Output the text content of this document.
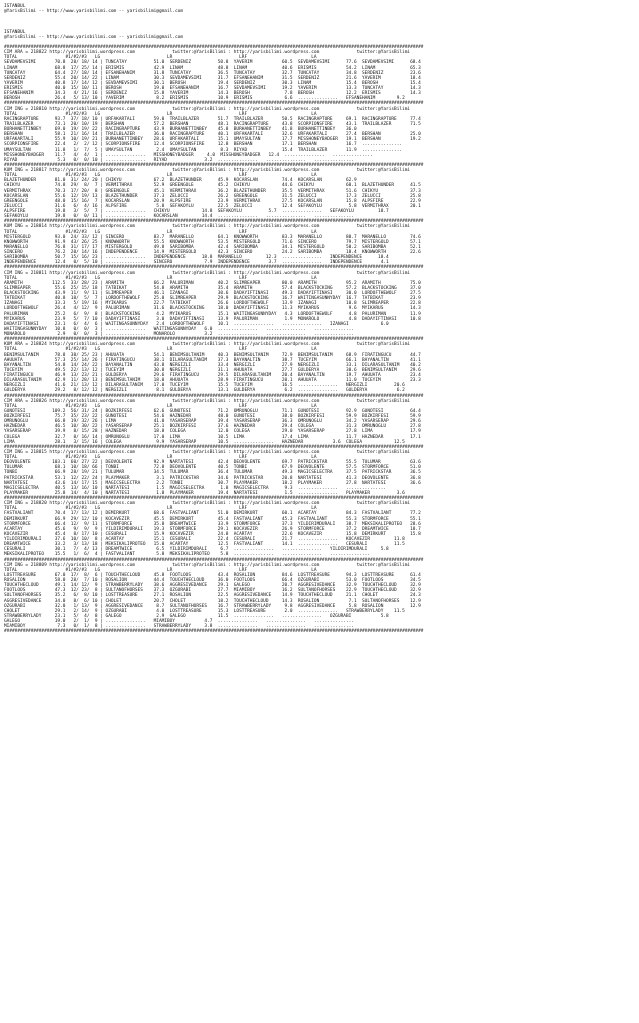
ISTANBUL
@YarisBilimi -- http://www.yarisbilimi.com -- yarisbilimi@gmail.com

ISTANBUL
@YarisBilimi -- http://www.yarisbilimi.com -- yarisbilimi@gmail.com

#############################################################################################################################################################
CIM ARA = 218822 http://yarisbilimi.wordpress.com              twitter:@YarisBilimi : http://yarisbilimi.wordpress.com              twitter:@YarisBilimi
TOTAL                  #1/#2/#3   LG                         LR                         LRF                        LA
SEVDAMEVSIMI       70.8  28/ 18/ 14 | TUNCATAY          51.0  SERDENIZ          50.8  YAVERIM           60.5  SEVDAMEVSIMI      77.6  SEVDAMEVSIMI      68.4
LINAM              68.8  17/ 25/ 14 | ERISMIS           42.9  LINAM             48.8  LINAM             40.6  ERISMIS           54.2  LINAM             65.3
TUNCATAY           64.4  27/ 18/ 14 | EFSANEHANIM       31.8  TUNCATAY          36.5  TUNCATAY          32.7  TUNCATAY          34.8  SERDENIZ          23.6
SERDENIZ           55.4  20/ 14/ 22 | LINAM             30.3  SEVDAMEVSIMI      31.7  EFSANEHANIM       31.5  SERDENIZ          21.6  YAVERIM           18.4
YAVERIM            40.8  17/ 14/ 12 | SEVDAMEVSIMI      30.1  BEROSH            19.4  SERDENIZ          30.3  LINAM             15.4  BEROSH            15.4
ERISMIS            40.0  15/ 10/ 11 | BEROSH            19.0  EFSANEHANIM       16.7  SEVDAMEVSIMI      19.2  YAVERIM           13.3  TUNCATAY          14.3
EFSANEHANIM        34.3   4/ 21/ 16 | SERDENIZ          15.8  YAVERIM           14.3  BEROSH             7.8  BEROSH            12.2  ERISMIS           14.3
BEROSH             26.4   5/ 13/ 10 | YAVERIM            8.2  ERISMIS           10.9  ERISMIS            6.6  ...............   EFSANEHANIM        9.2
#############################################################################################################################################################
CIM ING = 218810 http://yarisbilimi.wordpress.com              twitter:@YarisBilimi : http://yarisbilimi.wordpress.com              twitter:@YarisBilimi
TOTAL                  #1/#2/#3   LG                         LR                         LRF                        LA
RACINGRAPTURE      93.7  37/ 18/ 10 | URFAKARTALI       59.0  TRAILBLAZER       51.7  TRAILBLAZER       50.5  RACINGRAPTURE     69.1  RACINGRAPTURE     77.4
TRAILBLAZER        73.1  20/ 10/ 19 | BERSHAN           57.2  BERSHAN           48.1  RACINGRAPTURE     43.8  SCORPIONSFIRE     43.1  TRAILBLAZER       71.5
BURHANETTINBEY     69.0  19/ 19/ 22 | RACINGRAPTURE     43.9  BURHANETTINBEY    45.8  BURHANETTINBEY    41.8  BURHANETTINBEY    36.0
BERSHAN            58.1  21/ 16/ 14 | TRAILBLAZER       36.0  RACINGRAPTURE     40.1  URFAKARTALI       32.6  URFAKARTALI       27.4  BERSHAN           25.0
URFAKARTALI        55.9  10/ 19/ 21 | BURHANETTINBEY    28.6  URFAKARTALI       15.1  UMAYSULTAN        17.7  MISSHONEYBADGER   19.1  BERSHAN           19.2
SCORPIONSFIRE      22.4   2/  2/ 12 | SCORPIONSFIRE     12.4  SCORPIONSFIRE     12.8  BERSHAN           17.1  BERSHAN           16.7  ...............
UMAYSULTAN         11.8   1/  7/  5 | UMAYSULTAN         2.4  UMAYSULTAN         8.3  RIYAD             15.4  TRAILBLAZER       11.9  ...............
MISSHONEYBADGER    11.7   4/  4/  1 | ...............   MISSHONEYBADGER     4.0  MISSHONEYBADGER   12.4  ...............   ...............
RIYAD               5.3   0/  0/ 10 | ...............   RIYAD              3.2  ...............   ...............   ...............
#############################################################################################################################################################
KUM ING = 218817 http://yarisbilimi.wordpress.com              twitter:@YarisBilimi : http://yarisbilimi.wordpress.com              twitter:@YarisBilimi
TOTAL                  #1/#2/#3   LG                         LR                         LRF                        LA
BLAZETHUNDER       81.0  31/ 24/ 20 | CHIKYU            67.2  BLAZETHUNDER      45.9  KOCARSLAN         74.4  KOCARSLAN         62.9
CHIKYU             74.8  29/  8/  7 | VERMITHRAX        52.9  GREENGOLE         45.2  CHIKYU            44.6  CHIKYU            60.1  BLAZETHUNDER      41.5
VERMITHRAX         70.3  17/ 20/  8 | GREENGOLE         45.1  VERMITHRAX        36.2  BLAZETHUNDER      35.5  VERMITHRAX        51.6  CHIKYU            37.3
KOCARSLAN          55.6  12/ 19/ 13 | BLAZETHUNDER      37.3  ZELUCCI           26.2  GREENGOLE         31.5  ZELUCCI           17.3  ZELUCCI           25.8
GREENGOLE          48.0  15/ 16/  7 | KOCARSLAN         20.9  ALPSFIRE          23.9  VERMITHRAX        27.5  KOCARSLAN         15.8  ALPSFIRE          22.9
ZELUCCI            31.6   6/  4/ 16 | ALPSFIRE           5.8  SEFAKOYLU         22.5  ZELUCCI           12.4  SEFAKOYLU          5.8  VERMITHRAX        20.1
ALPSFIRE           19.8   3/  5/  7 | ...............   CHIKYU            14.8  SEFAKOYLU          5.7  ...............   SEFAKOYLU         18.7
SEFAKOYLU          19.8   0/  0/ 11 | ...............   KOCARSLAN         14.4  ...............   ...............   ...............
#############################################################################################################################################################
KUM ING = 218814 http://yarisbilimi.wordpress.com              twitter:@YarisBilimi : http://yarisbilimi.wordpress.com              twitter:@YarisBilimi
TOTAL                  #1/#2/#3   LG                         LR                         LRF                        LA
MISTERGOLD         93.0  24/ 33/ 12 | SINCERO           83.7  MARANELLO         64.1  KNOWWORTH         83.3  MARANELLO         80.7  MARANELLO         74.6
KNOWWORTH          91.9  43/ 26/ 25 | KNOWWORTH         55.5  KNOWWORTH         53.5  MISTERGOLD        71.6  SINCERO           79.7  MISTERGOLD        57.1
MARANELLO          76.8  31/ 17/ 17 | MISTERGOLD        49.8  SARIBOMBA         42.4  SARIBOMBA         34.1  MISTERGOLD        50.2  SARIBOMBA         52.1
SINCERO            76.2  20/ 14/ 16 | INDEPENDENCE      14.9  MISTERGOLD        42.3  SINCERO           24.2  SARIBOMBA         18.4  KNOWWORTH         22.6
SARIBOMBA          50.7  15/ 16/ 23 | ...............   INDEPENDENCE      18.8  MARANELLO         12.3  ...............   INDEPENDENCE      18.4
INDEPENDENCE       12.4   0/  5/ 10 | ...............   SINCERO            7.9  INDEPENDENCE       3.7  ...............   INDEPENDENCE       4.1
#############################################################################################################################################################
CIM ING = 218811 http://yarisbilimi.wordpress.com              twitter:@YarisBilimi : http://yarisbilimi.wordpress.com              twitter:@YarisBilimi
TOTAL                  #1/#2/#3   LG                         LR                         LRF                        LA
ARAMITH           112.5  33/ 28/ 23 | ARAMITH           66.2  PALURIMAN         40.2  SLIMREAPER        80.0  ARAMITH           95.2  ARAMITH           75.0
SLIMREAPER         55.6  25/ 15/ 18 | TATBIKAT          54.8  ARAMITH           35.4  ARAMITH           57.4  BLACKSTOCKING     57.2  BLACKSTOCKING     37.0
BLACKSTOCKING      43.9  11/  9/ 11 | SLIMREAPER        46.1  IZANAGI           30.6  DADAYIFTINASI     49.3  DADAYIFTINASI     30.0  LORDOFTHEWOLF     27.5
TATBIKAT           40.8  18/  5/  7 | LORDOFTHEWOLF     25.0  SLIMREAPER        29.9  BLACKSTOCKING     16.7  WAITINGASUNNYDAY  16.7  TATBIKAT          23.9
IZANAGI            33.3   5/ 19/ 16 | MYIKARUS          22.7  TATBIKAT          26.6  LORDOFTHEWOLF     13.9  IZANAGI           10.8  SLIMREAPER        22.8
LORDOFTHEWOLF      26.4   4/ 12/  9 | PALURIMAN         31.6  BLACKSTOCKING     18.0  DADAYIFTINASI     11.3  MYIKARUS           9.6  MYIKARUS          14.3
PALURIMAN          25.2   6/  9/  8 | BLACKSTOCKING      4.2  MYIKARUS          15.1  WAITINGASUNNYDAY   4.3  LORDOFTHEWOLF      4.8  PALURIMAN         11.9
MYIKARUS           23.9   5/  7/ 10 | DADAYIFTINASI      3.0  DADAYIFTINASI     13.9  PALURIMAN          1.9  MONAROLO           4.8  DADAYIFTINASI     10.8
DADAYIFTINASI      23.1   6/  4/  6 | WAITINGASUNNYDAY   2.4  LORDOFTHEWOLF     10.1  ...............   ...............   IZANAGI            6.0
WAITINGASUNNYDAY   10.8   0/  0/  3 | ...............   WAITINGASUNNYDAY   6.0  ...............   ...............   ...............
MONAROLO            2.9   0/  0/  3 | ...............   MONAROLO           3.2  ...............   ...............   ...............
#############################################################################################################################################################
KUM ARA = 218824 http://yarisbilimi.wordpress.com              twitter:@YarisBilimi : http://yarisbilimi.wordpress.com              twitter:@YarisBilimi
TOTAL                  #1/#2/#3   LG                         LR                         LRF                        LA
BENIMSULTANIM      78.8  38/ 25/ 23 | AHUUATA           54.1  BENIMSULTANIM     40.3  BENIMSULTANIM     72.9  BENIMSULTANIM     68.9  FIRATINGUCU       44.7
AHUUATA            57.3  25/ 14/ 26 | FIRATINGUCU       38.1  DILARASULTANIM    37.3  BAYANALTIN        38.7  TUCEYIM           66.1  BAYANALTIN        41.1
BAYANALTIN         54.8  14/ 24/ 22 | BAYANALTIN        43.8  NERGIZLI          33.4  NERGIZLI          27.9  NERGIZLI          33.1  DILARASULTANIM    40.2
TUCEYIM            49.5  22/ 13/ 12 | TUCEYIM           30.8  NERGIZLI          31.1  AHUUATA           27.7  GULDERYA          30.6  BENIMSULTANIM     29.6
FIRATINGUCU        46.9  13/ 23/ 21 | GULDERYA          29.6  FIRATINGUCU       29.5  DILARASULTANIM    20.4  BAYANALTIN        19.7  AHUUATA           23.4
DILARASULTANIM     42.9  11/ 28/ 13 | BENIMSULTANIM     18.0  AHUUATA           28.9  FIRATINGUCU       20.1  AHUUATA           11.0  TUCEYIM           23.3
NERGIZLI           41.6  21/ 13/ 12 | DILARASULTANIM    17.0  TUCEYIM           15.5  TUCEYIM           16.5  ...............   NERGIZLI          20.6
GULDERYA           29.2   8/ 12/ 12 | NERGIZLI           8.1  GULDERYA          13.1  GULDERYA           6.2  ...............   GULDERYA           6.2
#############################################################################################################################################################
CIM ARA = 218826 http://yarisbilimi.wordpress.com              twitter:@YarisBilimi : http://yarisbilimi.wordpress.com              twitter:@YarisBilimi
TOTAL                  #1/#2/#3   LG                         LR                         LRF                        LA
GUNOTESI          109.2  56/ 31/ 24 | BOZKIRFESI        62.6  GUNOTESI          71.2  OMRUNOGLU         71.1  GUNOTESI          92.9  GUNOTESI          64.4
BOZKIRFESI         75.7  35/ 23/ 22 | GUNOTESI          54.6  HAZNEDAR          48.0  GUNOTESI          38.0  BOZKIRFESI        59.9  BOZKIRFESI        59.9
OMRUNOGLU          66.8  19/ 32/ 26 | LIMA              41.0  YASARSERAP        39.4  YASARSERAP        36.3  OMRUNOGLU         34.2  YASARSERAP        29.6
HAZNEDAR           46.5  10/ 30/ 22 | YASARSERAP        25.1  BOZKIRFESI        37.6  HAZNEDAR          29.4  COLEGA            31.3  OMRUNOGLU         27.8
YASARSERAP         39.9   8/ 15/ 28 | HAZNEDAR          18.8  COLEGA            12.0  COLEGA            29.0  YASARSERAP        27.8  LIMA              17.9
COLEGA             32.7   8/ 16/ 14 | OMRUNOGLU         17.0  LIMA              10.5  LIMA              17.4  LIMA              11.7  HAZNEDAR          17.1
LIMA               28.1   3/ 15/ 16 | COLEGA             9.9  YASARSERAP        10.5  ...............   HAZNEDAR           3.6  COLEGA            12.5
#############################################################################################################################################################
CIM ING = 218815 http://yarisbilimi.wordpress.com              twitter:@YarisBilimi : http://yarisbilimi.wordpress.com              twitter:@YarisBilimi
TOTAL                  #1/#2/#3   LG                         LR                         LRF                        LA
DEOVOLENTE        103.1  60/ 27/ 22 | DEOVOLENTE        92.9  NARTATESI         42.4  DEOVOLENTE        69.7  PATRICKSTAR       55.5  TULUMAR           63.6
TULUMAR            68.1  10/ 18/ 66 | TONBI             72.8  DEOVOLENTE        40.5  TONBI             67.9  DEOVOLENTE        57.5  STORMFORCE        51.0
TONBI              66.9  28/ 19/ 21 | TULUMAR           34.5  TULUMAR           36.4  TULUMAR           49.3  MAGICSELECTRA     37.5  PATRICKSTAR       36.5
PATRICKSTAR        53.1  12/ 22/ 24 | PLAYMAKER          3.1  PATRICKSTAR       34.6  PATRICKSTAR       20.8  NARTATESI         41.3  DEOVOLENTE        36.8
NARTATESI          43.6  14/ 17/ 15 | MAGICSELECTRA      2.2  TONBI             30.7  PLAYMAKER         18.2  PLAYMAKER         27.8  NARTATESI         36.6
MAGICSELECTRA      40.5  13/ 16/ 10 | NARTATESI          1.5  MAGICSELECTRA      1.8  MAGICSELECTRA      9.3  ...............   ...............
PLAYMAKER          25.8  14/  4/ 10 | NARTATESI          1.8  PLAYMAKER         19.4  NARTATESI          1.5  ...............   PLAYMAKER          3.6
#############################################################################################################################################################
CIM ING = 218820 http://yarisbilimi.wordpress.com              twitter:@YarisBilimi : http://yarisbilimi.wordpress.com              twitter:@YarisBilimi
TOTAL                  #1/#2/#3   LG                         LR                         LRF                        LA
FASTVALIANT        70.4  17/ 13/ 12 | DEMIRKURT         68.6  FASTVALIANT       51.0  DEMIRKURT         60.1  ACARTAY           84.3  FASTVALIANT       77.2
DEMIRKURT          66.9  29/ 12/ 10 | KOCAVEZIR         45.5  DEMIRKURT         45.4  FASTVALIANT       45.3  FASTVALIANT       55.3  STORMFORCE        55.1
STORMFORCE         66.4  12/  9/ 11 | STORMFORCE        35.8  DREAMTWICE        33.9  STORMFORCE        37.3  YILDIRIMDURALI    38.7  MEKSIKALIPROTEO   28.6
ACARTAY            45.6   9/  9/  9 | YILDIRIMDURALI    19.3  STORMFORCE        29.1  KOCAVEZIR         26.9  STORMFORCE        37.2  DREAMTWICE        18.7
KOCAVEZIR          45.4   8/ 17/ 10 | CESURALI          15.9  KOCAVEZIR         24.8  ACARTAY           22.6  KOCAVEZIR         15.8  DEMIRKURT         15.8
YILDIRIMDURALI     37.6  10/ 10/  8 | ACARTAY           15.1  CESURALI          22.4  CESURALI          21.7  ...............   KOCAVEZIR         11.8
DREAMTWICE         33.2   3/ 13/ 18 | MEKSIKALIPROTEO   15.0  ACARTAY           12.5  FASTVALIANT       14.1  ...............   CESURALI          11.5
CESURALI           30.1   7/  4/ 13 | DREAMTWICE         6.5  YILDIRIMDURALI     6.7  ...............   ...............   YILDIRIMDURALI     5.8
MEKSIKALIPROTEO    15.5   1/  6/  4 | FASTVALIANT        5.8  MEKSIKALIPROTEO    5.8  ...............   ...............   ...............
#############################################################################################################################################################
CIM ING = 218809 http://yarisbilimi.wordpress.com              twitter:@YarisBilimi : http://yarisbilimi.wordpress.com              twitter:@YarisBilimi
TOTAL                  #1/#2/#3   LG                         LR                         LRF                        LA
LOSTTREASURE       67.0  17/  8/  6 | TOUCHTHECLOUD     45.8  FOOTLOOS          43.4  ROSALION          84.6  LOSTTREASURE      94.3  LOSTTREASURE      61.4
ROSALION           58.0  28/  7/ 10 | ROSALION          44.4  TOUCHTHECLOUD     36.0  FOOTLOOS          66.4  OZGURABI          53.0  FOOTLOOS          34.5
TOUCHTHECLOUD      49.1  14/ 12/  9 | STRAWBERRYLADY    38.6  AGGRESIVEDANCE    29.1  GALEGO            20.7  AGGRESIVEDANCE    32.9  TOUCHTHECLOUD     32.9
FOOTLOOS           47.3  12/ 23/  8 | SULTANOFHORSES    37.3  OZGURABI          27.7  MIAMIBOY          16.2  SULTANOFHORSES    22.9  TOUCHTHECLOUD     32.9
SULTANOFHORSES     35.2   6/  8/ 10 | LOSTTREASURE      27.1  ROSALION          22.5  AGGRESIVEDANCE    14.9  TOUCHTHECLOUD     21.1  CHOLET            24.3
AGGRESIVEDANCE     34.0   8/  6/ 10 | CHOLET            20.7  CHOLET            18.2  TOUCHTHECLOUD     14.3  ROSALION           7.1  SULTANOFHORSES    12.9
OZGURABI           32.0   1/ 13/  9 | AGGRESIVEDANCE     8.7  SULTANOFHORSES    16.7  STRAWBERRYLADY     9.8  AGGRESIVEDANCE     5.8  ROSALION          12.9
CHOLET             29.1   2/ 14/  9 | OZGURABI           4.0  LOSTTREASURE      15.3  LOSTTREASURE       2.0  ...............   STRAWBERRYLADY    11.5
STRAWBERRYLADY     23.1   5/  4/  8 | GALEGO             2.9  GALEGO            11.5  ...............   ...............   OZGURABI           5.8
GALEGO             19.0   2/  1/  9 | ...............   MIAMIBOY           4.7  ...............   ...............   ...............
MIAMIBOY            7.3   0/  1/  8 | ...............   STRAWBERRYLADY     3.8  ...............   ...............   ...............
#############################################################################################################################################################
